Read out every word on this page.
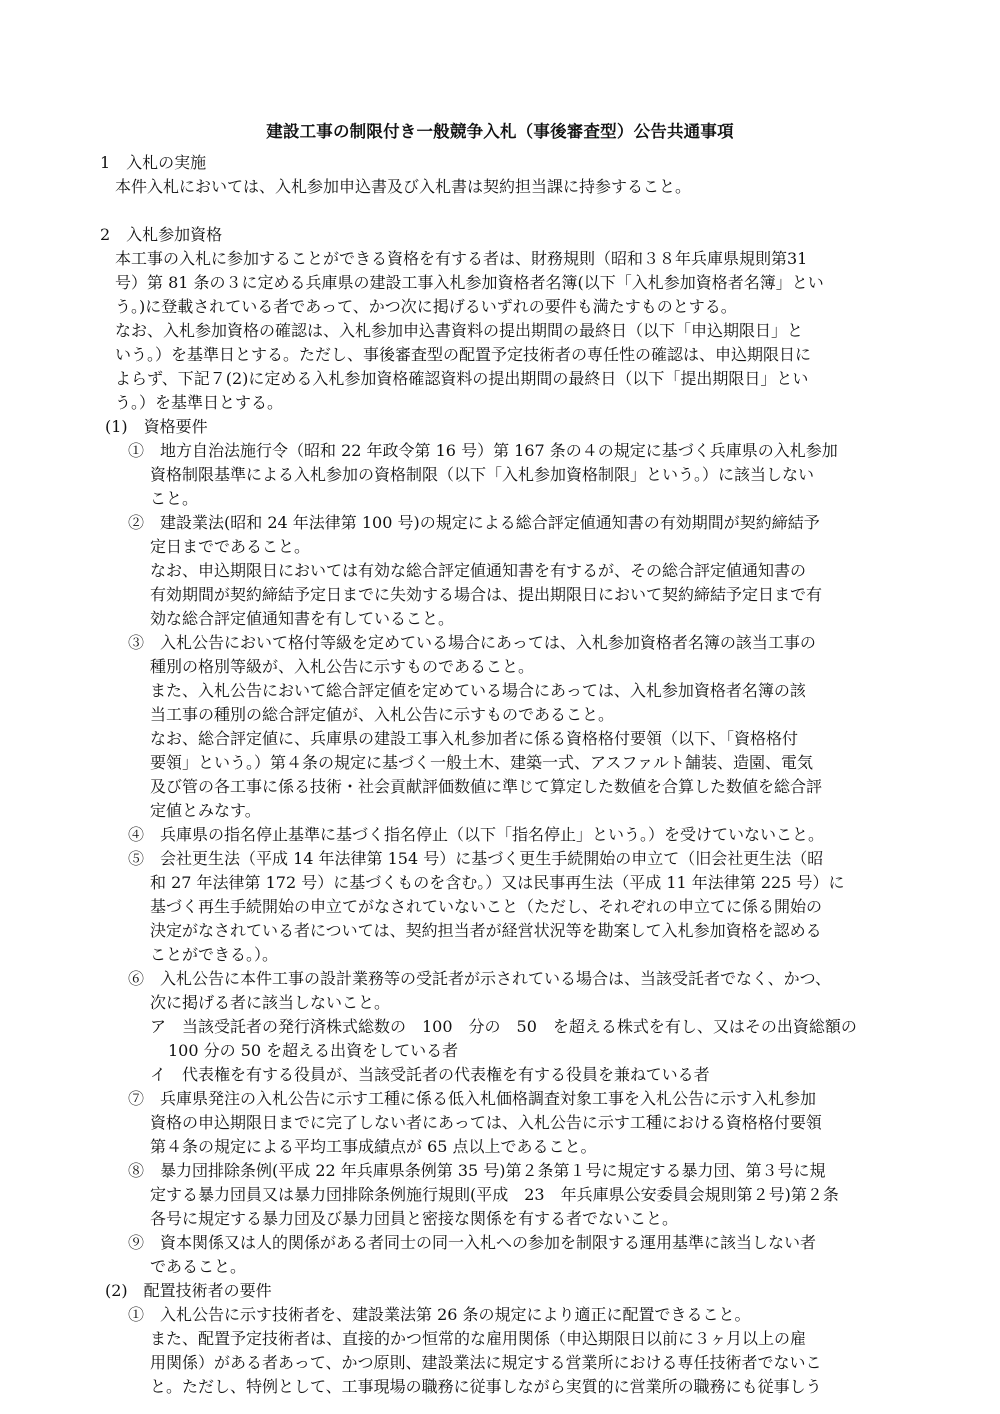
建設工事の制限付き一般競争入札（事後審査型）公告共通事項
1　入札の実施
本件入札においては、入札参加申込書及び入札書は契約担当課に持参すること。
2　入札参加資格
本工事の入札に参加することができる資格を有する者は、財務規則（昭和３８年兵庫県規則第31
号）第 81 条の３に定める兵庫県の建設工事入札参加資格者名簿(以下「入札参加資格者名簿」とい
う。)に登載されている者であって、かつ次に掲げるいずれの要件も満たすものとする。
なお、入札参加資格の確認は、入札参加申込書資料の提出期間の最終日（以下「申込期限日」と
いう。）を基準日とする。ただし、事後審査型の配置予定技術者の専任性の確認は、申込期限日に
よらず、下記７(2)に定める入札参加資格確認資料の提出期間の最終日（以下「提出期限日」とい
う。）を基準日とする。
(1)　資格要件
①　地方自治法施行令（昭和 22 年政令第 16 号）第 167 条の４の規定に基づく兵庫県の入札参加
資格制限基準による入札参加の資格制限（以下「入札参加資格制限」という。）に該当しない
こと。
②　建設業法(昭和 24 年法律第 100 号)の規定による総合評定値通知書の有効期間が契約締結予
定日までであること。
なお、申込期限日においては有効な総合評定値通知書を有するが、その総合評定値通知書の
有効期間が契約締結予定日までに失効する場合は、提出期限日において契約締結予定日まで有
効な総合評定値通知書を有していること。
③　入札公告において格付等級を定めている場合にあっては、入札参加資格者名簿の該当工事の
種別の格別等級が、入札公告に示すものであること。
また、入札公告において総合評定値を定めている場合にあっては、入札参加資格者名簿の該
当工事の種別の総合評定値が、入札公告に示すものであること。
なお、総合評定値に、兵庫県の建設工事入札参加者に係る資格格付要領（以下、「資格格付
要領」という。）第４条の規定に基づく一般土木、建築一式、アスファルト舗装、造園、電気
及び管の各工事に係る技術・社会貢献評価数値に準じて算定した数値を合算した数値を総合評
定値とみなす。
④　兵庫県の指名停止基準に基づく指名停止（以下「指名停止」という。）を受けていないこと。
⑤　会社更生法（平成 14 年法律第 154 号）に基づく更生手続開始の申立て（旧会社更生法（昭
和 27 年法律第 172 号）に基づくものを含む。）又は民事再生法（平成 11 年法律第 225 号）に
基づく再生手続開始の申立てがなされていないこと（ただし、それぞれの申立てに係る開始の
決定がなされている者については、契約担当者が経営状況等を勘案して入札参加資格を認める
ことができる。）。
⑥　入札公告に本件工事の設計業務等の受託者が示されている場合は、当該受託者でなく、かつ、
次に掲げる者に該当しないこと。
ア　当該受託者の発行済株式総数の　100　分の　50　を超える株式を有し、又はその出資総額の
100 分の 50 を超える出資をしている者
イ　代表権を有する役員が、当該受託者の代表権を有する役員を兼ねている者
⑦　兵庫県発注の入札公告に示す工種に係る低入札価格調査対象工事を入札公告に示す入札参加
資格の申込期限日までに完了しない者にあっては、入札公告に示す工種における資格格付要領
第４条の規定による平均工事成績点が 65 点以上であること。
⑧　暴力団排除条例(平成 22 年兵庫県条例第 35 号)第２条第１号に規定する暴力団、第３号に規
定する暴力団員又は暴力団排除条例施行規則(平成　23　年兵庫県公安委員会規則第２号)第２条
各号に規定する暴力団及び暴力団員と密接な関係を有する者でないこと。
⑨　資本関係又は人的関係がある者同士の同一入札への参加を制限する運用基準に該当しない者
であること。
(2)　配置技術者の要件
①　入札公告に示す技術者を、建設業法第 26 条の規定により適正に配置できること。
また、配置予定技術者は、直接的かつ恒常的な雇用関係（申込期限日以前に３ヶ月以上の雇
用関係）がある者あって、かつ原則、建設業法に規定する営業所における専任技術者でないこ
と。ただし、特例として、工事現場の職務に従事しながら実質的に営業所の職務にも従事しう
